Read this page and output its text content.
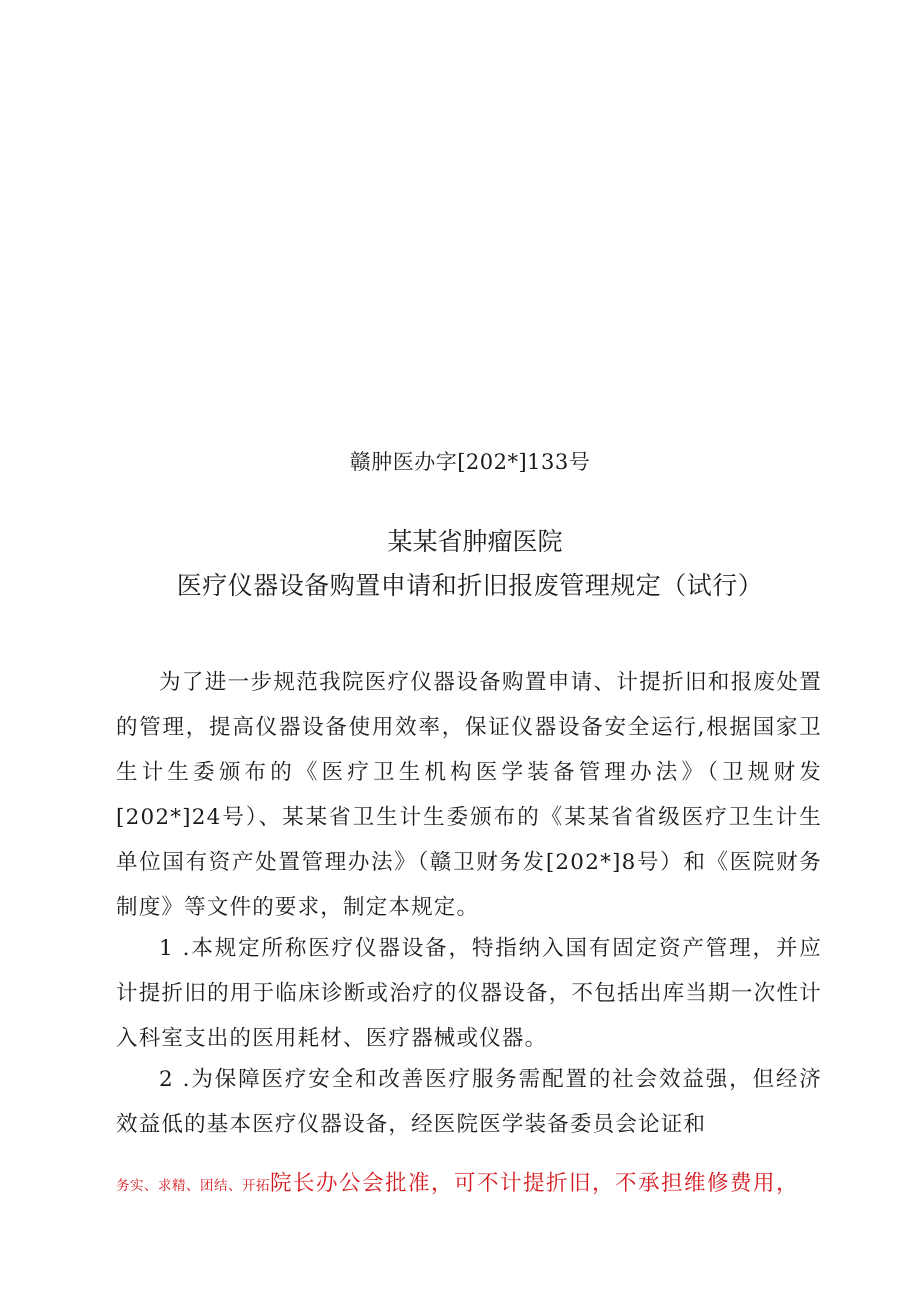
赣肿医办字[202*]133号
某某省肿瘤医院
医疗仪器设备购置申请和折旧报废管理规定（试行）

为了进一步规范我院医疗仪器设备购置申请、计提折旧和报废处置的管理，提高仪器设备使用效率，保证仪器设备安全运行,根据国家卫生计生委颁布的《医疗卫生机构医学装备管理办法》（卫规财发[202*]24号）、某某省卫生计生委颁布的《某某省省级医疗卫生计生单位国有资产处置管理办法》（赣卫财务发[202*]8号）和《医院财务制度》等文件的要求，制定本规定。

1 .本规定所称医疗仪器设备，特指纳入国有固定资产管理，并应计提折旧的用于临床诊断或治疗的仪器设备，不包括出库当期一次性计入科室支出的医用耗材、医疗器械或仪器。

2 .为保障医疗安全和改善医疗服务需配置的社会效益强，但经济效益低的基本医疗仪器设备，经医院医学装备委员会论证和

务实、求精、团结、开拓院长办公会批准，可不计提折旧，不承担维修费用，
